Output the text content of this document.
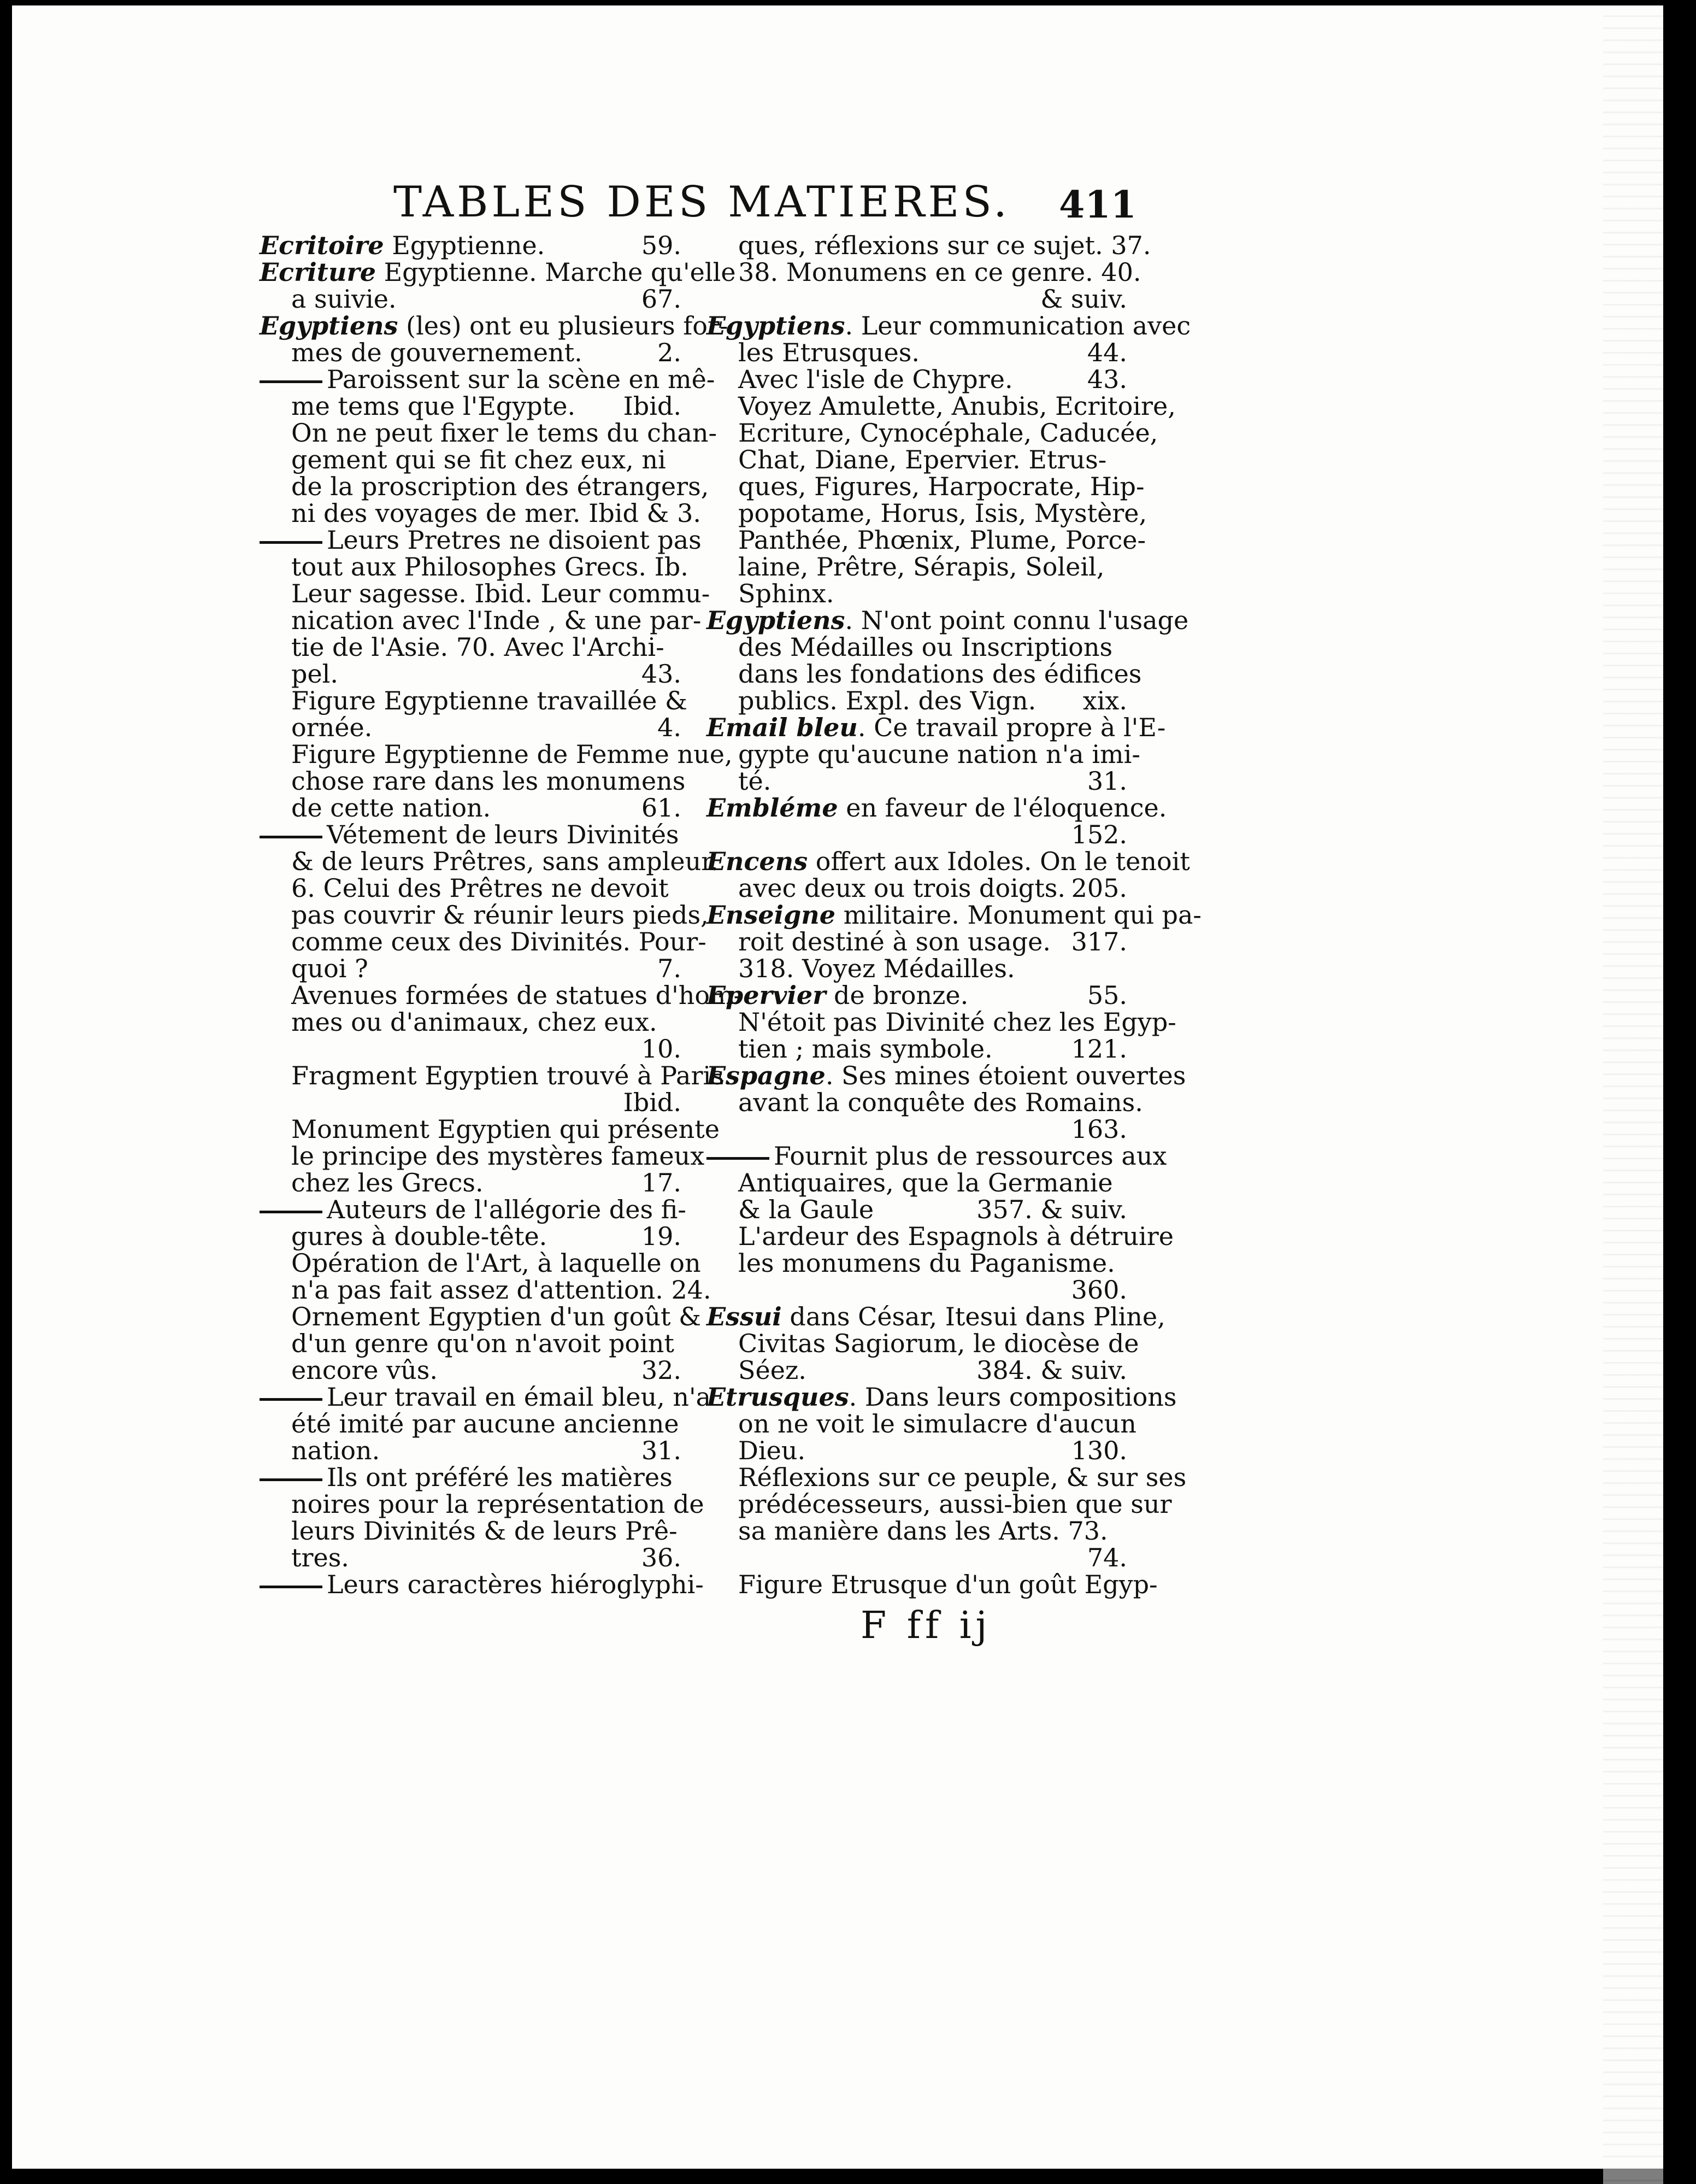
TABLES DES MATIERES. 411
Ecritoire Egyptienne.	59.
Ecriture Egyptienne. Marche qu'elle
a suivie.	67.
Egyptiens (les) ont eu plusieurs for-
mes de gouvernement.	2.
Paroissent sur la scène en mê-
me tems que l'Egypte. Ibid.
On ne peut fixer le tems du chan-
gement qui se fit chez eux, ni
de la proscription des étrangers,
ni des voyages de mer. Ibid & 3.
Leurs Pretres ne disoient pas
tout aux Philosophes Grecs. Ib.
Leur sagesse. Ibid. Leur commu-
nication avec l'Inde , & une par-
tie de l'Asie. 70. Avec l'Archi-
pel.	43.
Figure Egyptienne travaillée &
ornée.	4.
Figure Egyptienne de Femme nue,
chose rare dans les monumens
de cette nation.	61.
Vétement de leurs Divinités
& de leurs Prêtres, sans ampleur.
6. Celui des Prêtres ne devoit
pas couvrir & réunir leurs pieds,
comme ceux des Divinités. Pour-
quoi ?	7.
Avenues formées de statues d'hom-
mes ou d'animaux, chez eux.
10.
Fragment Egyptien trouvé à Paris.
Ibid.
Monument Egyptien qui présente
le principe des mystères fameux
chez les Grecs.	17.
Auteurs de l'allégorie des fi-
gures à double-tête.	19.
Opération de l'Art, à laquelle on
n'a pas fait assez d'attention. 24.
Ornement Egyptien d'un goût &
d'un genre qu'on n'avoit point
encore vûs.	32.
Leur travail en émail bleu, n'a
été imité par aucune ancienne
nation.	31.
Ils ont préféré les matières
noires pour la représentation de
leurs Divinités & de leurs Prê-
tres.	36.
Leurs caractères hiéroglyphi-
ques, réflexions sur ce sujet. 37.
38. Monumens en ce genre. 40.
& suiv.
Egyptiens. Leur communication avec
les Etrusques.	44.
Avec l'isle de Chypre.	43.
Voyez Amulette, Anubis, Ecritoire,
Ecriture, Cynocéphale, Caducée,
Chat, Diane, Epervier. Etrus-
ques, Figures, Harpocrate, Hip-
popotame, Horus, Isis, Mystère,
Panthée, Phœnix, Plume, Porce-
laine, Prêtre, Sérapis, Soleil,
Sphinx.
Egyptiens. N'ont point connu l'usage
des Médailles ou Inscriptions
dans les fondations des édifices
publics. Expl. des Vign. xix.
Email bleu. Ce travail propre à l'E-
gypte qu'aucune nation n'a imi-
té.	31.
Embléme en faveur de l'éloquence.
152.
Encens offert aux Idoles. On le tenoit
avec deux ou trois doigts. 205.
Enseigne militaire. Monument qui pa-
roit destiné à son usage. 317.
318. Voyez Médailles.
Epervier de bronze.	55.
N'étoit pas Divinité chez les Egyp-
tien ; mais symbole.	121.
Espagne. Ses mines étoient ouvertes
avant la conquête des Romains.
163.
Fournit plus de ressources aux
Antiquaires, que la Germanie
& la Gaule	357. & suiv.
L'ardeur des Espagnols à détruire
les monumens du Paganisme.
360.
Essui dans César, Itesui dans Pline,
Civitas Sagiorum, le diocèse de
Séez.	384. & suiv.
Etrusques. Dans leurs compositions
on ne voit le simulacre d'aucun
Dieu.	130.
Réflexions sur ce peuple, & sur ses
prédécesseurs, aussi-bien que sur
sa manière dans les Arts. 73.
74.
Figure Etrusque d'un goût Egyp-
F ff ij
